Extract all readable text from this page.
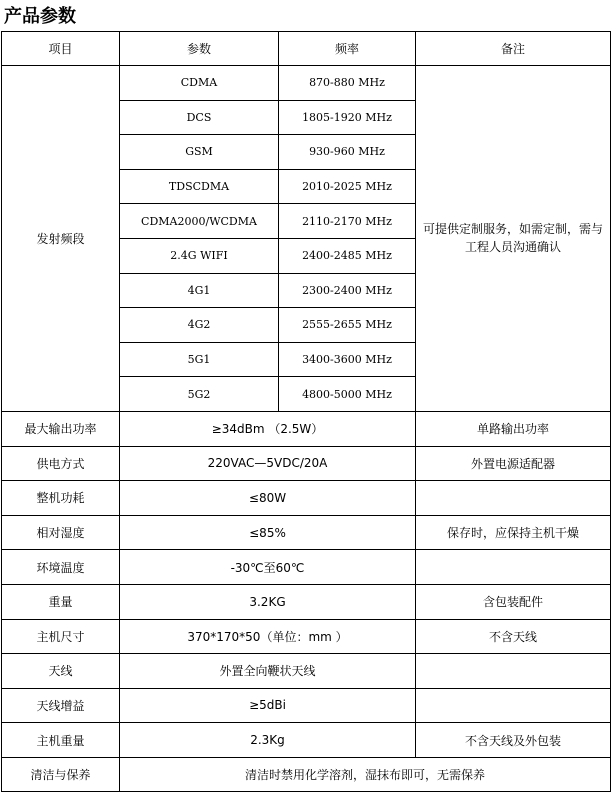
产品参数
项目	参数	频率	备注
发射频段	CDMA	870-880 MHz	可提供定制服务，如需定制，需与工程人员沟通确认
	DCS	1805-1920 MHz	
	GSM	930-960 MHz	
	TDSCDMA	2010-2025 MHz	
	CDMA2000/WCDMA	2110-2170 MHz	
	2.4G WIFI	2400-2485 MHz	
	4G1	2300-2400 MHz	
	4G2	2555-2655 MHz	
	5G1	3400-3600 MHz	
	5G2	4800-5000 MHz	
最大输出功率	≥34dBm （2.5W）		单路输出功率
供电方式	220VAC—5VDC/20A		外置电源适配器
整机功耗	≤80W		
相对湿度	≤85%		保存时，应保持主机干燥
环境温度	-30℃至60℃		
重量	3.2KG		含包装配件
主机尺寸	370*170*50（单位：mm ）		不含天线
天线	外置全向鞭状天线		
天线增益	≥5dBi		
主机重量	2.3Kg		不含天线及外包装
清洁与保养	清洁时禁用化学溶剂，湿抹布即可，无需保养		
